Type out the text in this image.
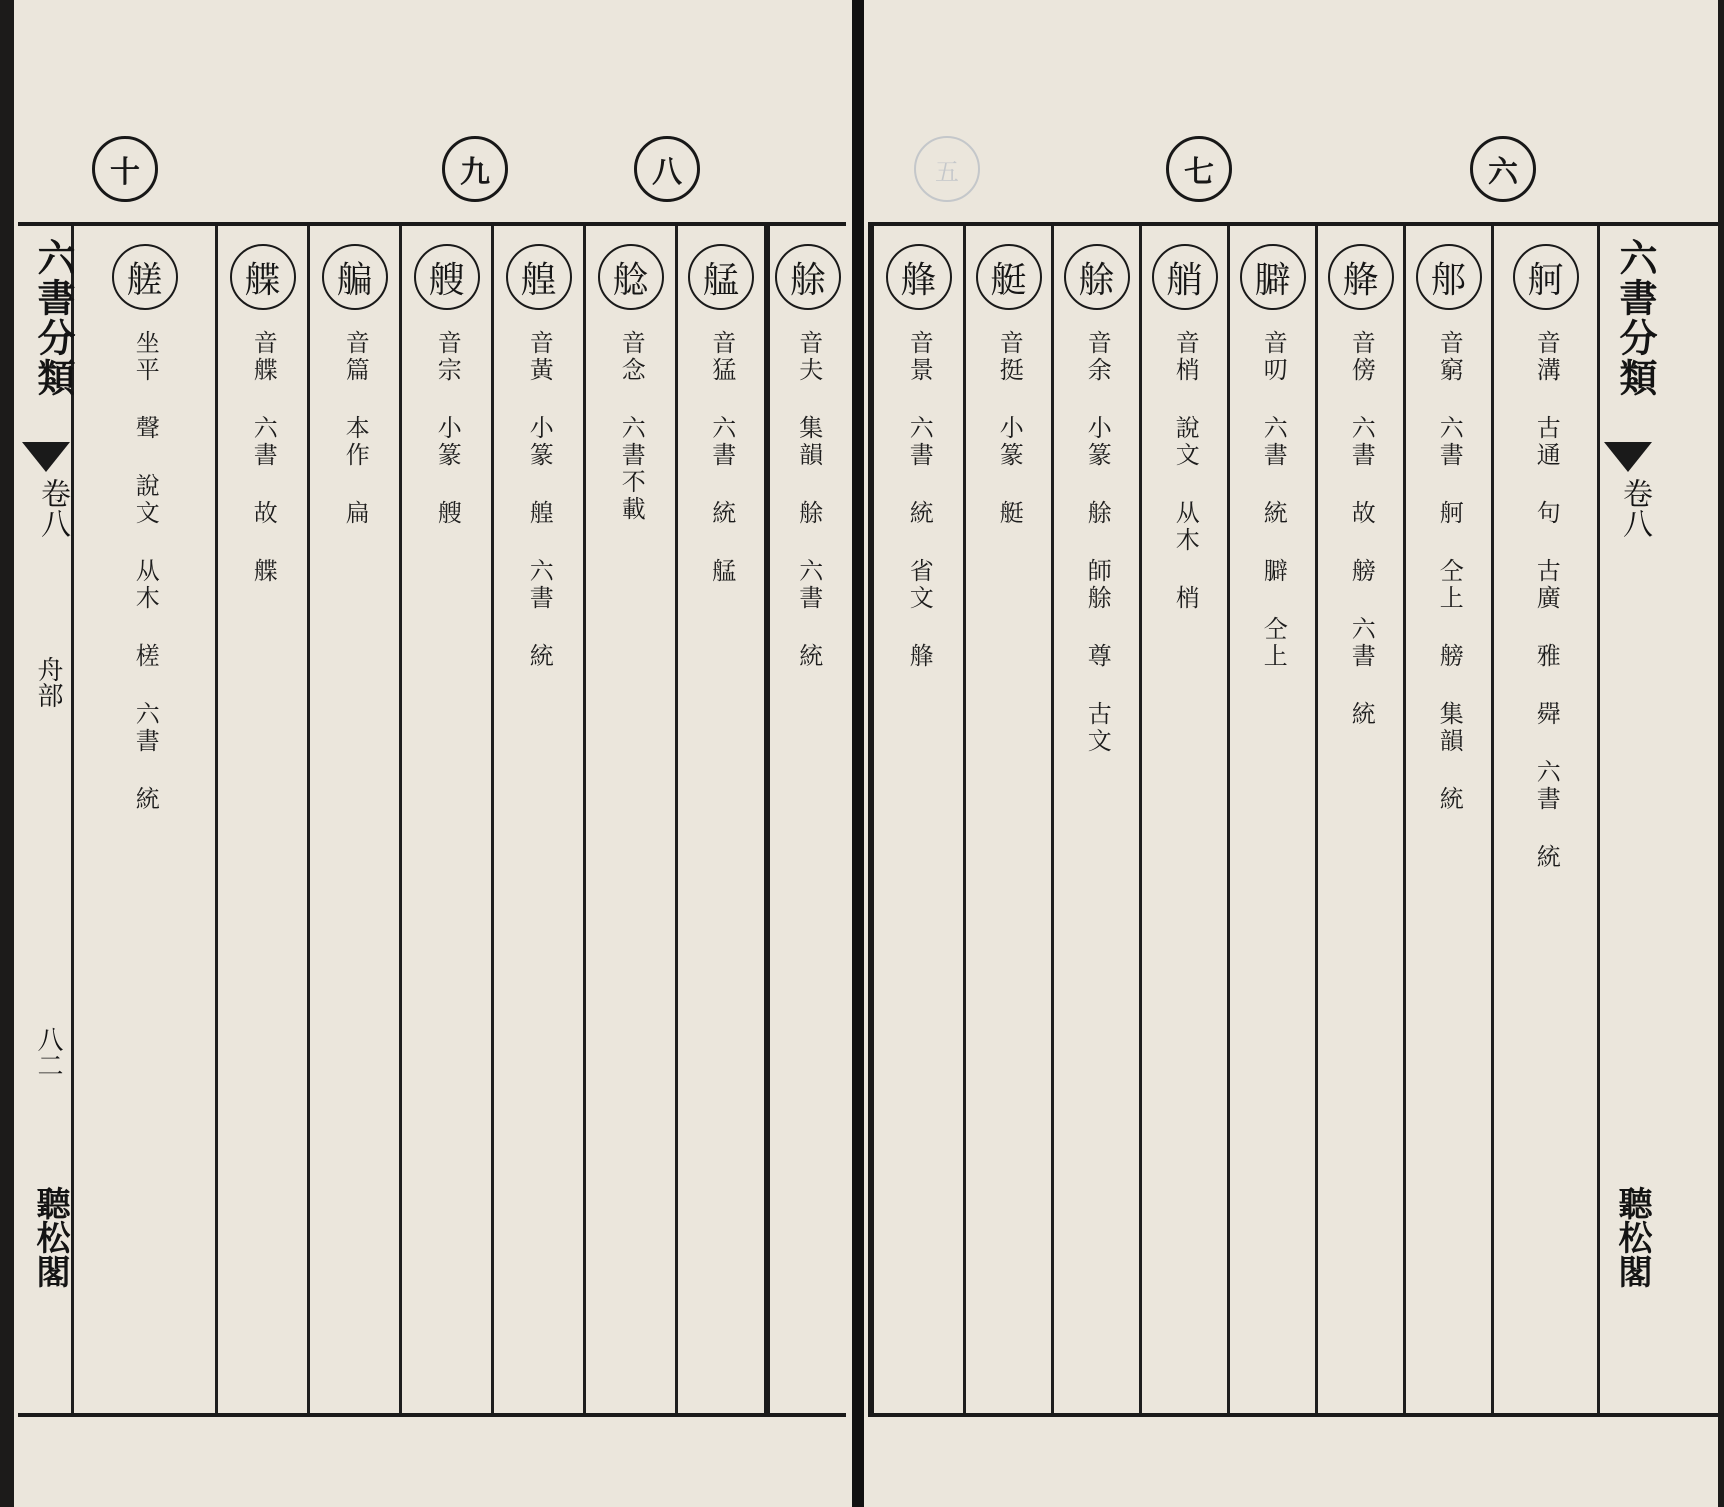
八
九
十
六書分類
卷八
舟部
八二
聽松閣
艅
音夫 集韻 艅 六書 統
艋
音猛 六書 統 艋
艌
音念 六書不載
艎
音黃 小篆 艎 六書 統
艘
音宗 小篆 艘
艑
音篇 本作 扁
艓
音艓 六書 故 艓
艖
坐平 聲 說文 从木 槎 六書 統
六
七
五
艂
音景 六書 統 省文 艂
艇
音挺 小篆 艇
艅
音余 小篆 艅 師艅 尊 古文
艄
音梢 說文 从木 梢
䑀
音叨 六書 統 䑀 仝上
舽
音傍 六書 故 艕 六書 統
郍
音窮 六書 舸 仝上 艕 集韻 統
舸
音溝 古通 句 古廣 雅 䑝 六書 統
六書分類
卷八
聽松閣
